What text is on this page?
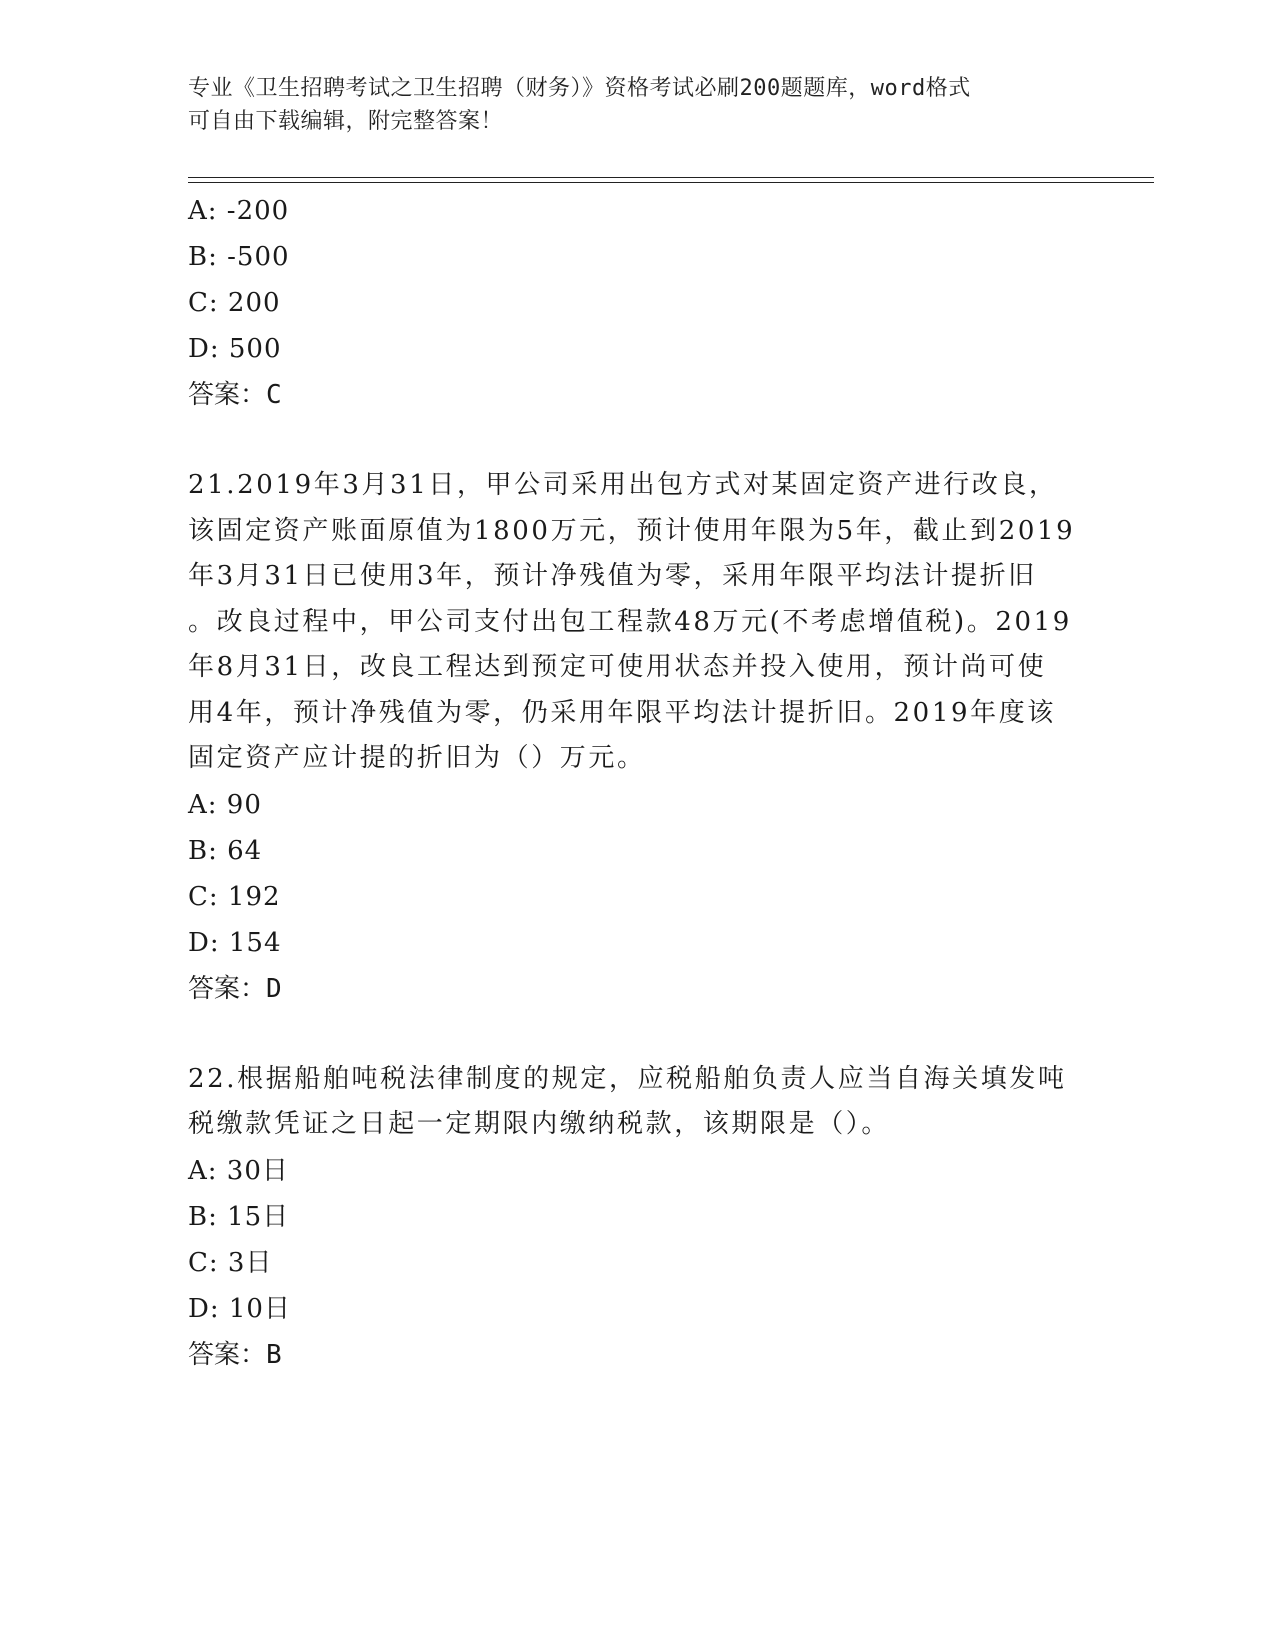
专业《卫生招聘考试之卫生招聘（财务）》资格考试必刷200题题库，word格式
可自由下载编辑，附完整答案！
A: -200
B: -500
C: 200
D: 500
答案：C
21.2019年3月31日，甲公司采用出包方式对某固定资产进行改良，
该固定资产账面原值为1800万元，预计使用年限为5年，截止到2019
年3月31日已使用3年，预计净残值为零，采用年限平均法计提折旧
。改良过程中，甲公司支付出包工程款48万元(不考虑增值税)。2019
年8月31日，改良工程达到预定可使用状态并投入使用，预计尚可使
用4年，预计净残值为零，仍采用年限平均法计提折旧。2019年度该
固定资产应计提的折旧为（）万元。
A: 90
B: 64
C: 192
D: 154
答案：D
22.根据船舶吨税法律制度的规定，应税船舶负责人应当自海关填发吨
税缴款凭证之日起一定期限内缴纳税款，该期限是（）。
A: 30日
B: 15日
C: 3日
D: 10日
答案：B
